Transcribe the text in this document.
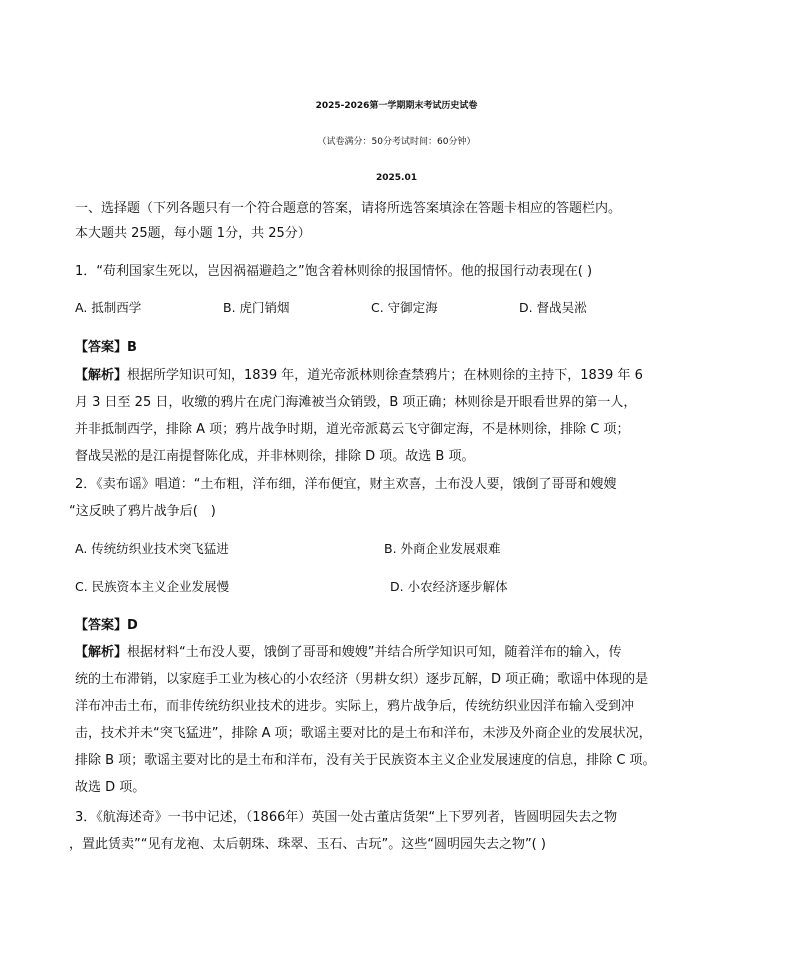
2025-2026第一学期期末考试历史试卷
（试卷满分：50分考试时间：60分钟）
2025.01
一、选择题（下列各题只有一个符合题意的答案，请将所选答案填涂在答题卡相应的答题栏内。
本大题共 25题，每小题 1分，共 25分）
1．“苟利国家生死以，岂因祸福避趋之”饱含着林则徐的报国情怀。他的报国行动表现在( )
A. 抵制西学	B. 虎门销烟	C. 守御定海	D. 督战吴淞
【答案】B
【解析】根据所学知识可知，1839 年，道光帝派林则徐查禁鸦片；在林则徐的主持下，1839 年 6
月 3 日至 25 日，收缴的鸦片在虎门海滩被当众销毁，B 项正确；林则徐是开眼看世界的第一人，
并非抵制西学，排除 A 项；鸦片战争时期，道光帝派葛云飞守御定海，不是林则徐，排除 C 项；
督战吴淞的是江南提督陈化成，并非林则徐，排除 D 项。故选 B 项。
2．《卖布谣》唱道：“土布粗，洋布细，洋布便宜，财主欢喜，土布没人要，饿倒了哥哥和嫂嫂
“这反映了鸦片战争后(　)
A. 传统纺织业技术突飞猛进	B. 外商企业发展艰难
C. 民族资本主义企业发展慢	D. 小农经济逐步解体
【答案】D
【解析】根据材料“土布没人要，饿倒了哥哥和嫂嫂”并结合所学知识可知，随着洋布的输入，传
统的土布滞销，以家庭手工业为核心的小农经济（男耕女织）逐步瓦解，D 项正确；歌谣中体现的是
洋布冲击土布，而非传统纺织业技术的进步。实际上，鸦片战争后，传统纺织业因洋布输入受到冲
击，技术并未“突飞猛进”，排除 A 项；歌谣主要对比的是土布和洋布，未涉及外商企业的发展状况，
排除 B 项；歌谣主要对比的是土布和洋布，没有关于民族资本主义企业发展速度的信息，排除 C 项。
故选 D 项。
3．《航海述奇》一书中记述，（1866年）英国一处古董店货架“上下罗列者，皆圆明园失去之物
，置此赁卖”“见有龙袍、太后朝珠、珠翠、玉石、古玩”。这些“圆明园失去之物”( )
